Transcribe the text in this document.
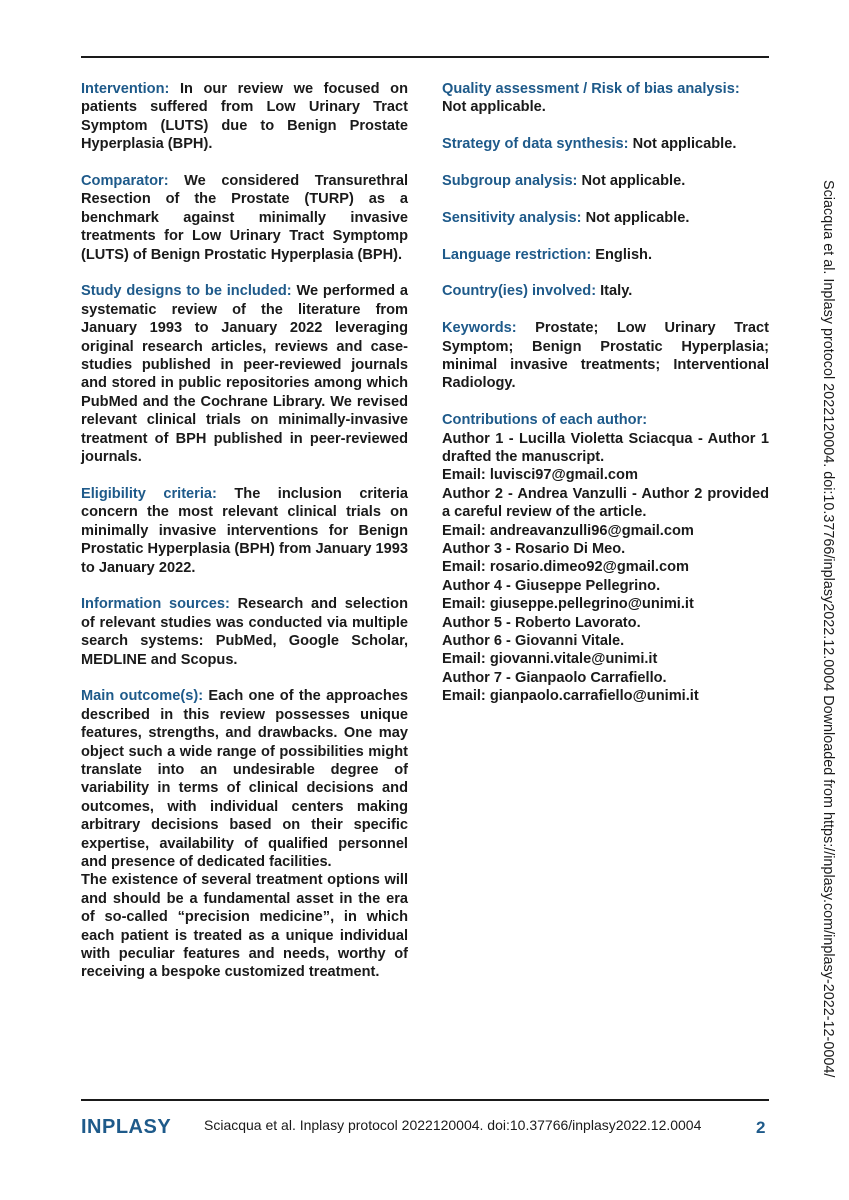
Intervention: In our review we focused on patients suffered from Low Urinary Tract Symptom (LUTS) due to Benign Prostate Hyperplasia (BPH).

Comparator: We considered Transurethral Resection of the Prostate (TURP) as a benchmark against minimally invasive treatments for Low Urinary Tract Symptomp (LUTS) of Benign Prostatic Hyperplasia (BPH).

Study designs to be included: We performed a systematic review of the literature from January 1993 to January 2022 leveraging original research articles, reviews and case-studies published in peer-reviewed journals and stored in public repositories among which PubMed and the Cochrane Library. We revised relevant clinical trials on minimally-invasive treatment of BPH published in peer-reviewed journals.

Eligibility criteria: The inclusion criteria concern the most relevant clinical trials on minimally invasive interventions for Benign Prostatic Hyperplasia (BPH) from January 1993 to January 2022.

Information sources: Research and selection of relevant studies was conducted via multiple search systems: PubMed, Google Scholar, MEDLINE and Scopus.

Main outcome(s): Each one of the approaches described in this review possesses unique features, strengths, and drawbacks. One may object such a wide range of possibilities might translate into an undesirable degree of variability in terms of clinical decisions and outcomes, with individual centers making arbitrary decisions based on their specific expertise, availability of qualified personnel and presence of dedicated facilities.

The existence of several treatment options will and should be a fundamental asset in the era of so-called “precision medicine”, in which each patient is treated as a unique individual with peculiar features and needs, worthy of receiving a bespoke customized treatment.

Quality assessment / Risk of bias analysis:
Not applicable.

Strategy of data synthesis: Not applicable.

Subgroup analysis: Not applicable.

Sensitivity analysis: Not applicable.

Language restriction: English.

Country(ies) involved: Italy.

Keywords: Prostate; Low Urinary Tract Symptom; Benign Prostatic Hyperplasia; minimal invasive treatments; Interventional Radiology.

Contributions of each author:
Author 1 - Lucilla Violetta Sciacqua - Author 1 drafted the manuscript.
Email: luvisci97@gmail.com
Author 2 - Andrea Vanzulli - Author 2 provided a careful review of the article.
Email: andreavanzulli96@gmail.com
Author 3 - Rosario Di Meo.
Email: rosario.dimeo92@gmail.com
Author 4 - Giuseppe Pellegrino.
Email: giuseppe.pellegrino@unimi.it
Author 5 - Roberto Lavorato.
Author 6 - Giovanni Vitale.
Email: giovanni.vitale@unimi.it
Author 7 - Gianpaolo Carrafiello.
Email: gianpaolo.carrafiello@unimi.it	Sciacqua et al. Inplasy protocol 2022120004. doi:10.37766/inplasy2022.12.0004 Downloaded from https://inplasy.com/inplasy-2022-12-0004/
INPLASY Sciacqua et al. Inplasy protocol 2022120004. doi:10.37766/inplasy2022.12.0004	2
